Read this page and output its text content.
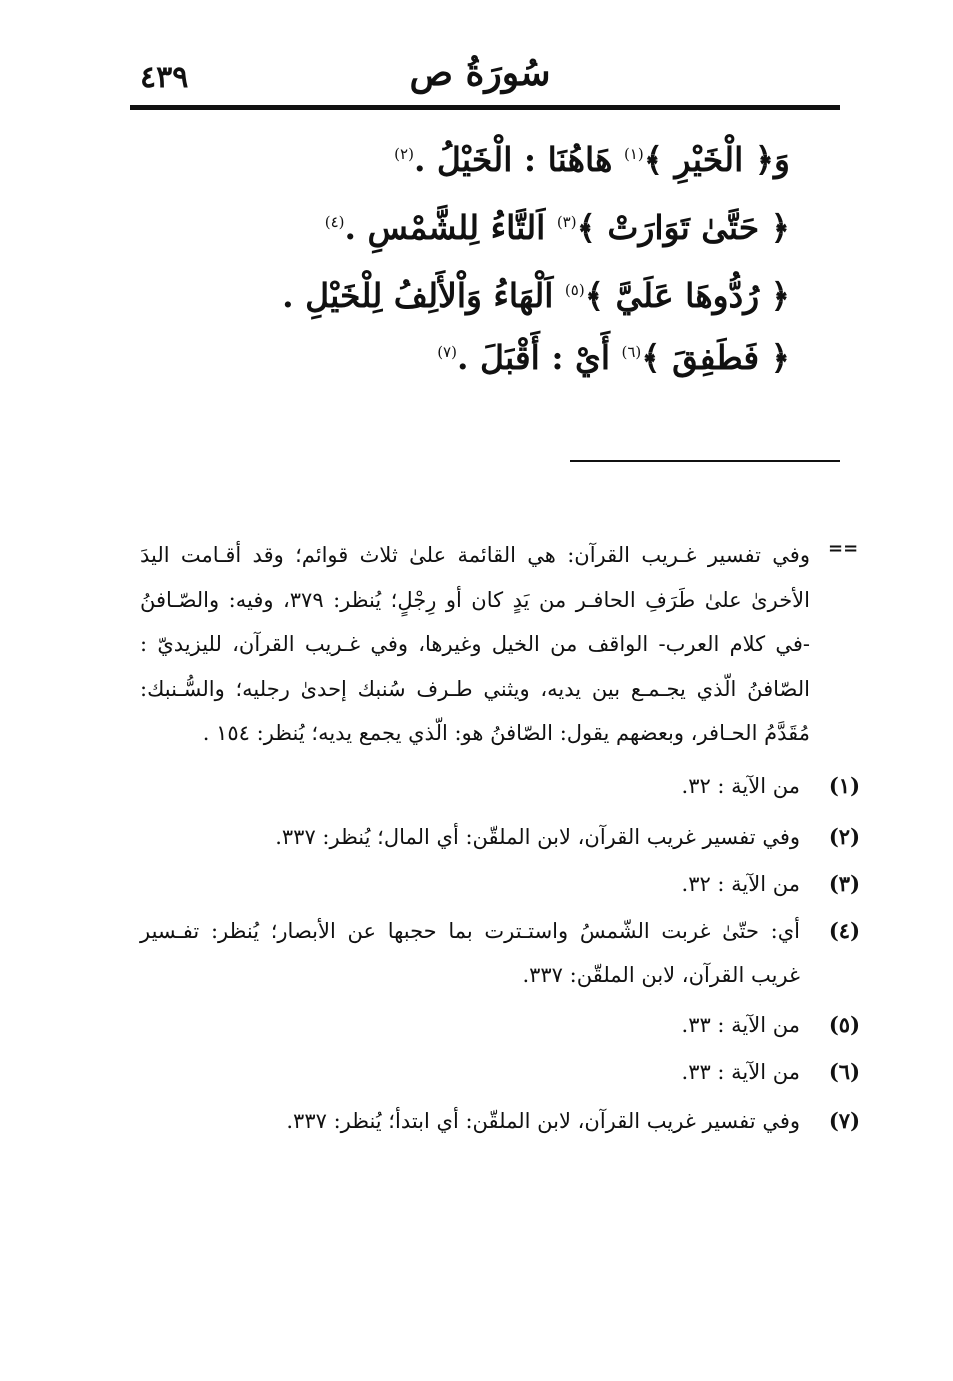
٤٣٩	سُورَةُ ص
وَ﴿ الْخَيْرِ ﴾$^{(١)}$ هَاهُنَا : الْخَيْلُ .$^{(٢)}$
﴿ حَتَّىٰ تَوَارَتْ ﴾$^{(٣)}$ اَلتَّاءُ لِلشَّمْسِ .$^{(٤)}$
﴿ رُدُّوهَا عَلَيَّ ﴾$^{(٥)}$ اَلْهَاءُ وَاْلأَلِفُ لِلْخَيْلِ .
﴿ فَطَفِقَ ﴾$^{(٦)}$ أَيْ : أَقْبَلَ .$^{(٧)}$
==
وفي تفسير غـريب القرآن: هي القائمة علىٰ ثلاث قوائم؛ وقد أقـامت اليدَ الأخرىٰ علىٰ طَرَفِ الحافـر من يَدٍ كان أو رِجْلٍ؛ يُنظر: ٣٧٩، وفيه: والصّـافنُ -في كلام العرب- الواقف من الخيل وغيرها، وفي غـريب القرآن، لليزيديّ : الصّافنُ الّذي يجـمـع بين يديه، ويثني طـرف سُنبك إحدىٰ رجليه؛ والسُّـنبك: مُقَدَّمُ الحـافر، وبعضهم يقول: الصّافنُ هو: الّذي يجمع يديه؛ يُنظر: ١٥٤ .
(١)
من الآية : ٣٢.
(٢)
وفي تفسير غريب القرآن، لابن الملقّن: أي المال؛ يُنظر: ٣٣٧.
(٣)
من الآية : ٣٢.
(٤)
أي: حتّىٰ غربت الشّمسُ واستـترت بما حجبها عن الأبصار؛ يُنظر: تفـسير غريب القرآن، لابن الملقّن: ٣٣٧.
(٥)
من الآية : ٣٣.
(٦)
من الآية : ٣٣.
(٧)
وفي تفسير غريب القرآن، لابن الملقّن: أي ابتدأ؛ يُنظر: ٣٣٧.
